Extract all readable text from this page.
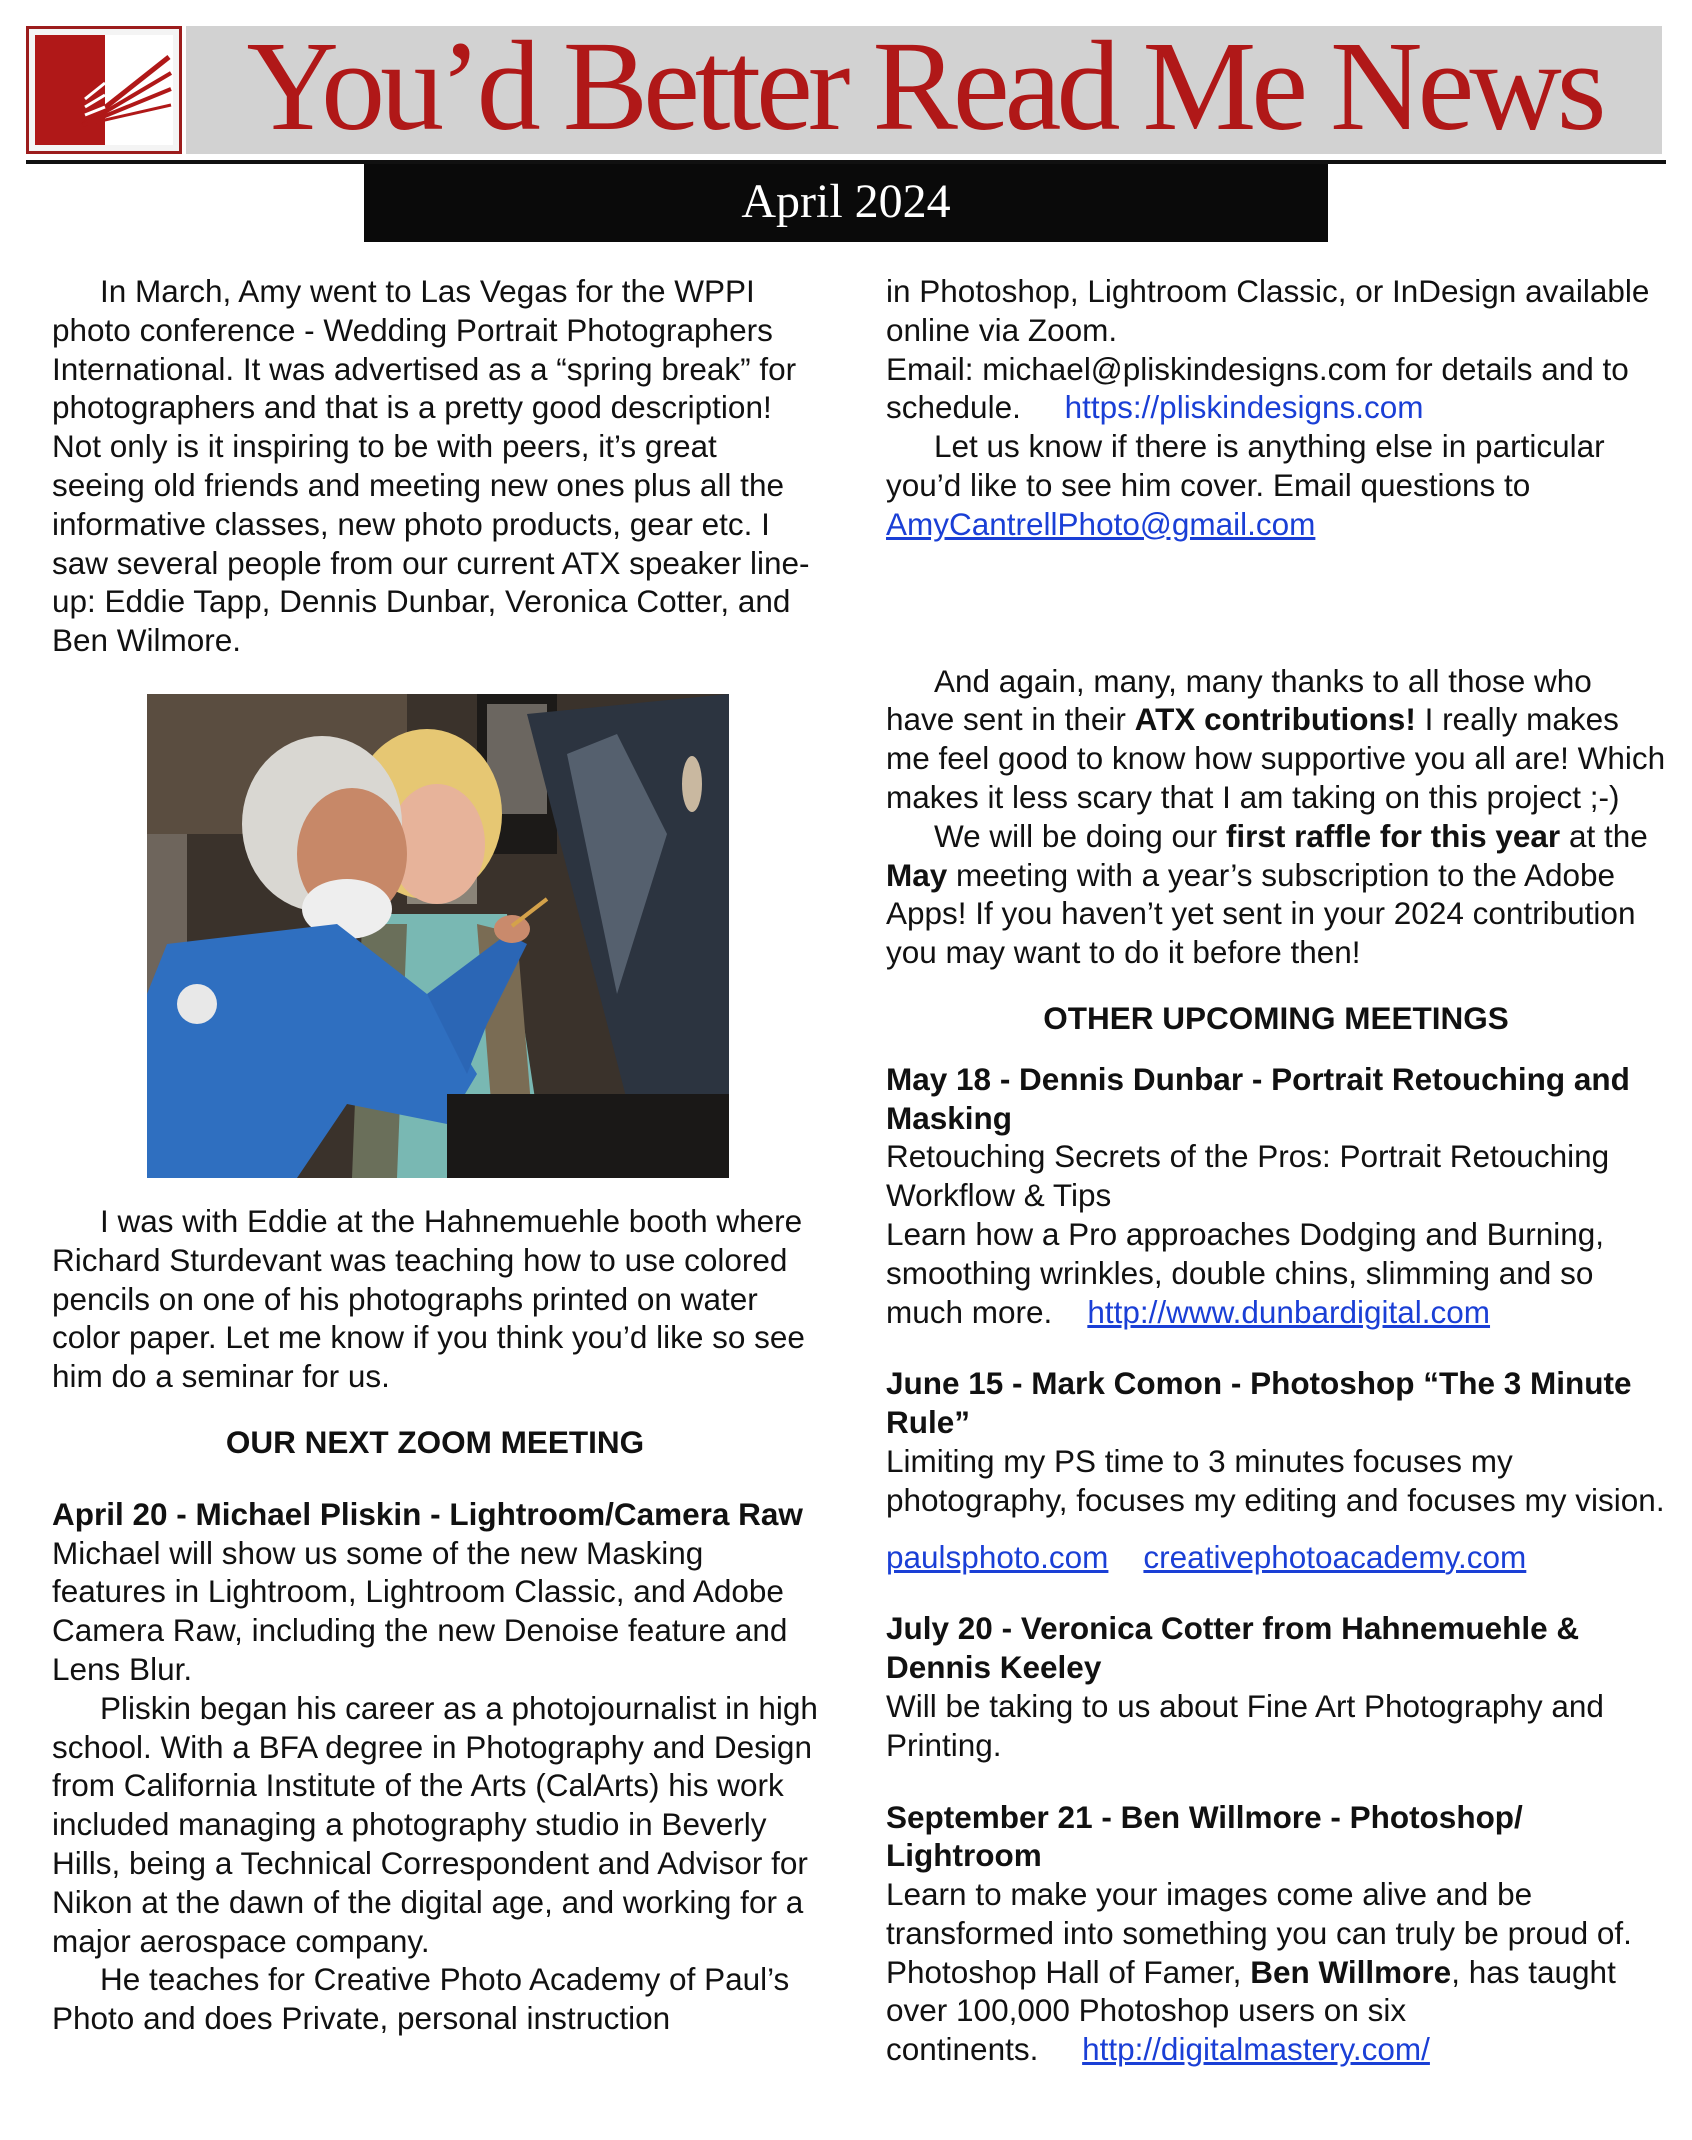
You’d Better Read Me News
April 2024

In March, Amy went to Las Vegas for the WPPI photo conference - Wedding Portrait Photographers International. It was advertised as a “spring break” for photographers and that is a pretty good description! Not only is it inspiring to be with peers, it’s great seeing old friends and meeting new ones plus all the informative classes, new photo products, gear etc. I saw several people from our current ATX speaker line-up: Eddie Tapp, Dennis Dunbar, Veronica Cotter, and Ben Wilmore.

I was with Eddie at the Hahnemuehle booth where Richard Sturdevant was teaching how to use colored pencils on one of his photographs printed on water color paper. Let me know if you think you’d like so see him do a seminar for us.

OUR NEXT ZOOM MEETING

April 20 - Michael Pliskin - Lightroom/Camera Raw

Michael will show us some of the new Masking features in Lightroom, Lightroom Classic, and Adobe Camera Raw, including the new Denoise feature and Lens Blur.

Pliskin began his career as a photojournalist in high school. With a BFA degree in Photography and Design from California Institute of the Arts (CalArts) his work included managing a photography studio in Beverly Hills, being a Technical Correspondent and Advisor for Nikon at the dawn of the digital age, and working for a major aerospace company.

He teaches for Creative Photo Academy of Paul’s Photo and does Private, personal instruction

in Photoshop, Lightroom Classic, or InDesign available online via Zoom.

Email: michael@pliskindesigns.com for details and to schedule. https://pliskindesigns.com

Let us know if there is anything else in particular you’d like to see him cover. Email questions to AmyCantrellPhoto@gmail.com

And again, many, many thanks to all those who have sent in their ATX contributions! I really makes me feel good to know how supportive you all are! Which makes it less scary that I am taking on this project ;-)

We will be doing our first raffle for this year at the May meeting with a year’s subscription to the Adobe Apps! If you haven’t yet sent in your 2024 contribution you may want to do it before then!

OTHER UPCOMING MEETINGS

May 18 - Dennis Dunbar - Portrait Retouching and Masking

Retouching Secrets of the Pros: Portrait Retouching Workflow & Tips

Learn how a Pro approaches Dodging and Burning, smoothing wrinkles, double chins, slimming and so much more. http://www.dunbardigital.com

June 15 - Mark Comon - Photoshop “The 3 Minute Rule”

Limiting my PS time to 3 minutes focuses my photography, focuses my editing and focuses my vision.

paulsphoto.com creativephotoacademy.com

July 20 - Veronica Cotter from Hahnemuehle & Dennis Keeley

Will be taking to us about Fine Art Photography and Printing.

September 21 - Ben Willmore - Photoshop/ Lightroom

Learn to make your images come alive and be transformed into something you can truly be proud of. Photoshop Hall of Famer, Ben Willmore, has taught over 100,000 Photoshop users on six continents. http://digitalmastery.com/
